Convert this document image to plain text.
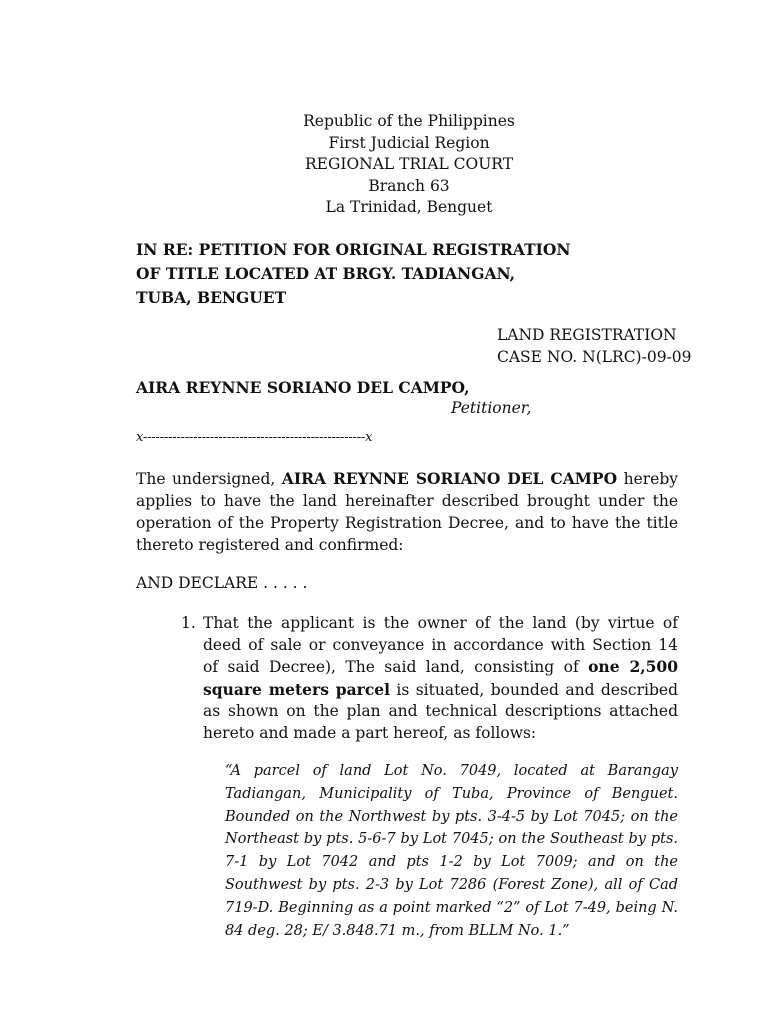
Republic of the Philippines
First Judicial Region
REGIONAL TRIAL COURT
Branch 63
La Trinidad, Benguet
IN RE: PETITION FOR ORIGINAL REGISTRATION
OF TITLE LOCATED AT BRGY. TADIANGAN,
TUBA, BENGUET
LAND REGISTRATION
CASE NO. N(LRC)-09-09
AIRA REYNNE SORIANO DEL CAMPO,
Petitioner,
x-----------------------------------------------------x
The undersigned, AIRA REYNNE SORIANO DEL CAMPO hereby applies to have the land hereinafter described brought under the operation of the Property Registration Decree, and to have the title thereto registered and confirmed:
AND DECLARE . . . . .
1. That the applicant is the owner of the land (by virtue of deed of sale or conveyance in accordance with Section 14 of said Decree), The said land, consisting of one 2,500 square meters parcel is situated, bounded and described as shown on the plan and technical descriptions attached hereto and made a part hereof, as follows:
“A parcel of land Lot No. 7049, located at Barangay Tadiangan, Municipality of Tuba, Province of Benguet. Bounded on the Northwest by pts. 3-4-5 by Lot 7045; on the Northeast by pts. 5-6-7 by Lot 7045; on the Southeast by pts. 7-1 by Lot 7042 and pts 1-2 by Lot 7009; and on the Southwest by pts. 2-3 by Lot 7286 (Forest Zone), all of Cad 719-D. Beginning as a point marked “2” of Lot 7-49, being N. 84 deg. 28; E/ 3.848.71 m., from BLLM No. 1.”
